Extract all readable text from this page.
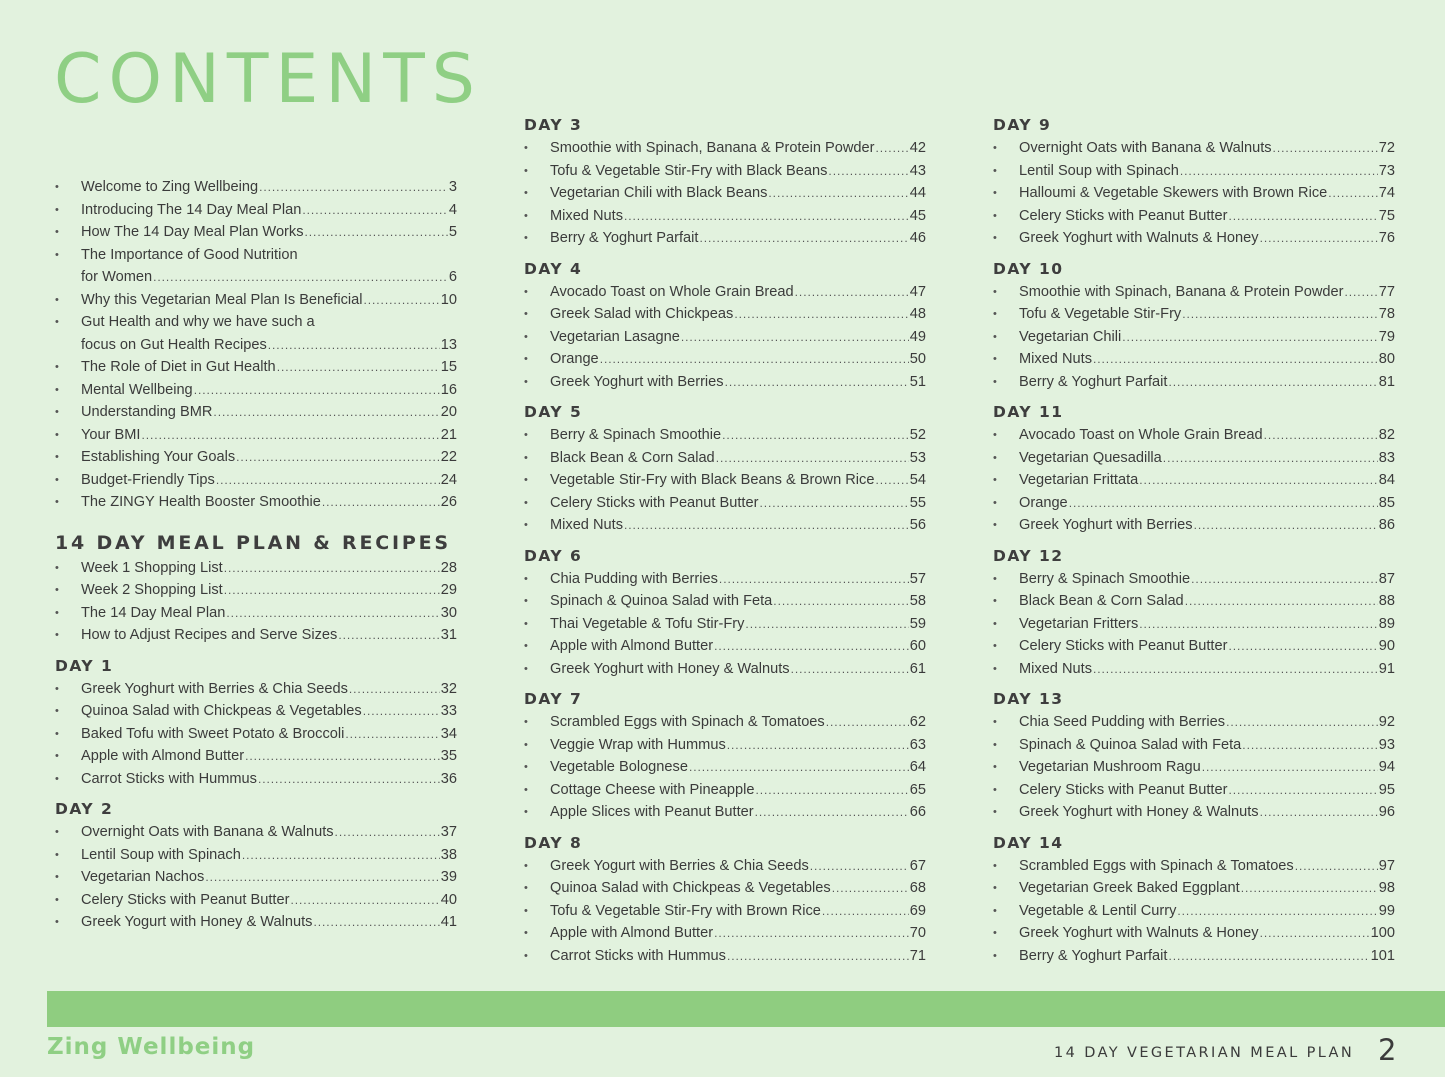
CONTENTS
• Welcome to Zing Wellbeing . . .	3
• Introducing The 14 Day Meal Plan . . .	4
• How The 14 Day Meal Plan Works . . .	5
• The Importance of Good Nutrition
for Women . . .	6
• Why this Vegetarian Meal Plan Is Beneficial . . .	10
• Gut Health and why we have such a
focus on Gut Health Recipes . . .	13
• The Role of Diet in Gut Health . . .	15
• Mental Wellbeing . . .	16
• Understanding BMR . . .	20
• Your BMI . . .	21
• Establishing Your Goals . . .	22
• Budget-Friendly Tips . . .	24
• The ZINGY Health Booster Smoothie . . .	26
14 DAY MEAL PLAN & RECIPES
• Week 1 Shopping List . . .	28
• Week 2 Shopping List . . .	29
• The 14 Day Meal Plan . . .	30
• How to Adjust Recipes and Serve Sizes . . .	31
DAY 1
• Greek Yoghurt with Berries & Chia Seeds . . .	32
• Quinoa Salad with Chickpeas & Vegetables . . .	33
• Baked Tofu with Sweet Potato & Broccoli . . .	34
• Apple with Almond Butter . . .	35
• Carrot Sticks with Hummus . . .	36
DAY 2
• Overnight Oats with Banana & Walnuts . . .	37
• Lentil Soup with Spinach . . .	38
• Vegetarian Nachos . . .	39
• Celery Sticks with Peanut Butter . . .	40
• Greek Yogurt with Honey & Walnuts . . .	41
DAY 3
• Smoothie with Spinach, Banana & Protein Powder . . . 42
• Tofu & Vegetable Stir-Fry with Black Beans . . .	43
• Vegetarian Chili with Black Beans . . .	44
• Mixed Nuts . . .	45
• Berry & Yoghurt Parfait . . .	46
DAY 4
• Avocado Toast on Whole Grain Bread . . .	47
• Greek Salad with Chickpeas . . .	48
• Vegetarian Lasagne . . .	49
• Orange . . .	50
• Greek Yoghurt with Berries . . .	51
DAY 5
• Berry & Spinach Smoothie . . .	52
• Black Bean & Corn Salad . . .	53
• Vegetable Stir-Fry with Black Beans & Brown Rice . . . 54
• Celery Sticks with Peanut Butter . . .	55
• Mixed Nuts . . .	56
DAY 6
• Chia Pudding with Berries . . .	57
• Spinach & Quinoa Salad with Feta . . .	58
• Thai Vegetable & Tofu Stir-Fry . . .	59
• Apple with Almond Butter . . .	60
• Greek Yoghurt with Honey & Walnuts . . .	61
DAY 7
• Scrambled Eggs with Spinach & Tomatoes . . .	62
• Veggie Wrap with Hummus . . .	63
• Vegetable Bolognese . . .	64
• Cottage Cheese with Pineapple . . .	65
• Apple Slices with Peanut Butter . . .	66
DAY 8
• Greek Yogurt with Berries & Chia Seeds . . .	67
• Quinoa Salad with Chickpeas & Vegetables . . .	68
• Tofu & Vegetable Stir-Fry with Brown Rice . . .	69
• Apple with Almond Butter . . .	70
• Carrot Sticks with Hummus . . .	71
DAY 9
• Overnight Oats with Banana & Walnuts . . .	72
• Lentil Soup with Spinach . . .	73
• Halloumi & Vegetable Skewers with Brown Rice . . .	74
• Celery Sticks with Peanut Butter . . .	75
• Greek Yoghurt with Walnuts & Honey . . .	76
DAY 10
• Smoothie with Spinach, Banana & Protein Powder . . . 77
• Tofu & Vegetable Stir-Fry . . .	78
• Vegetarian Chili . . .	79
• Mixed Nuts . . .	80
• Berry & Yoghurt Parfait . . .	81
DAY 11
• Avocado Toast on Whole Grain Bread . . .	82
• Vegetarian Quesadilla . . .	83
• Vegetarian Frittata . . .	84
• Orange . . .	85
• Greek Yoghurt with Berries . . .	86
DAY 12
• Berry & Spinach Smoothie . . .	87
• Black Bean & Corn Salad . . .	88
• Vegetarian Fritters . . .	89
• Celery Sticks with Peanut Butter . . .	90
• Mixed Nuts . . .	91
DAY 13
• Chia Seed Pudding with Berries . . .	92
• Spinach & Quinoa Salad with Feta . . .	93
• Vegetarian Mushroom Ragu . . .	94
• Celery Sticks with Peanut Butter . . .	95
• Greek Yoghurt with Honey & Walnuts . . .	96
DAY 14
• Scrambled Eggs with Spinach & Tomatoes . . .	97
• Vegetarian Greek Baked Eggplant . . .	98
• Vegetable & Lentil Curry . . .	99
• Greek Yoghurt with Walnuts & Honey . . .	100
• Berry & Yoghurt Parfait . . .	101
Zing Wellbeing	14 DAY VEGETARIAN MEAL PLAN 2
